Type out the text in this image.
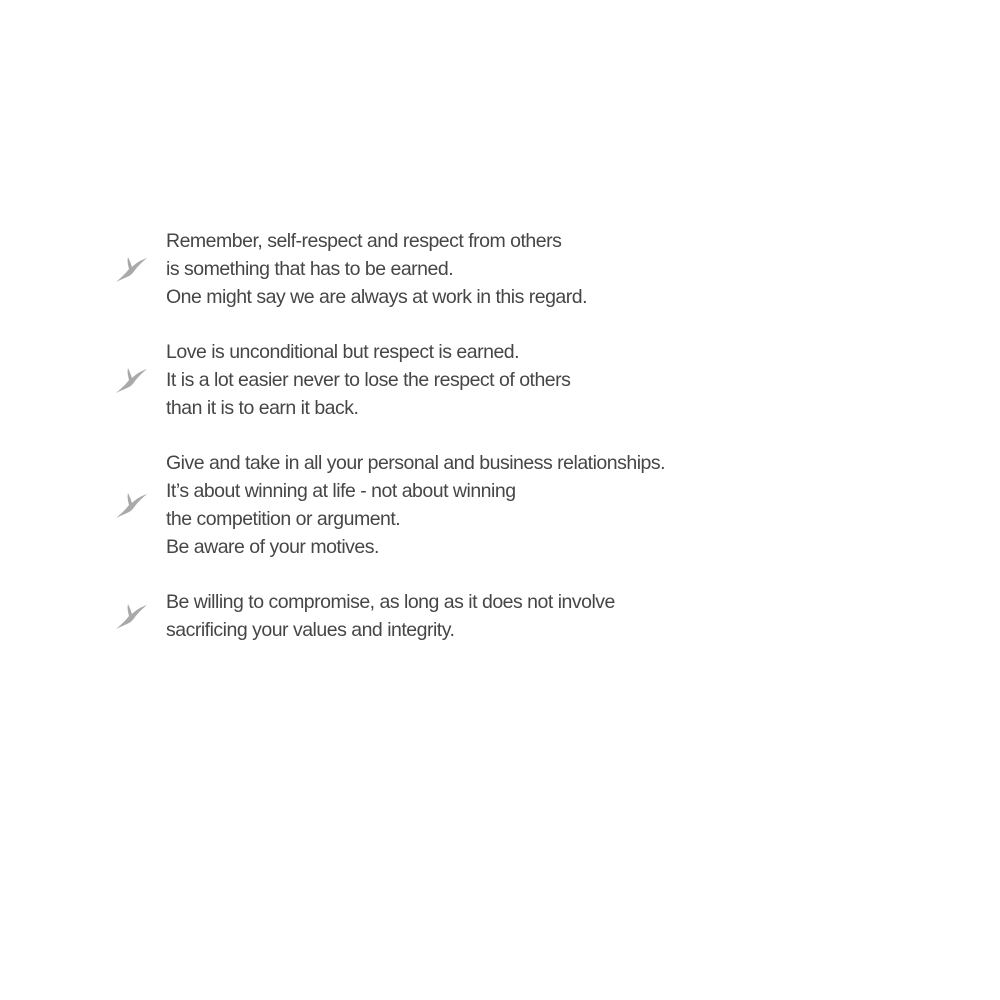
Remember, self-respect and respect from others
is something that has to be earned.
One might say we are always at work in this regard.
Love is unconditional but respect is earned.
It is a lot easier never to lose the respect of others
than it is to earn it back.
Give and take in all your personal and business relationships.
It’s about winning at life - not about winning
the competition or argument.
Be aware of your motives.
Be willing to compromise, as long as it does not involve
sacrificing your values and integrity.
